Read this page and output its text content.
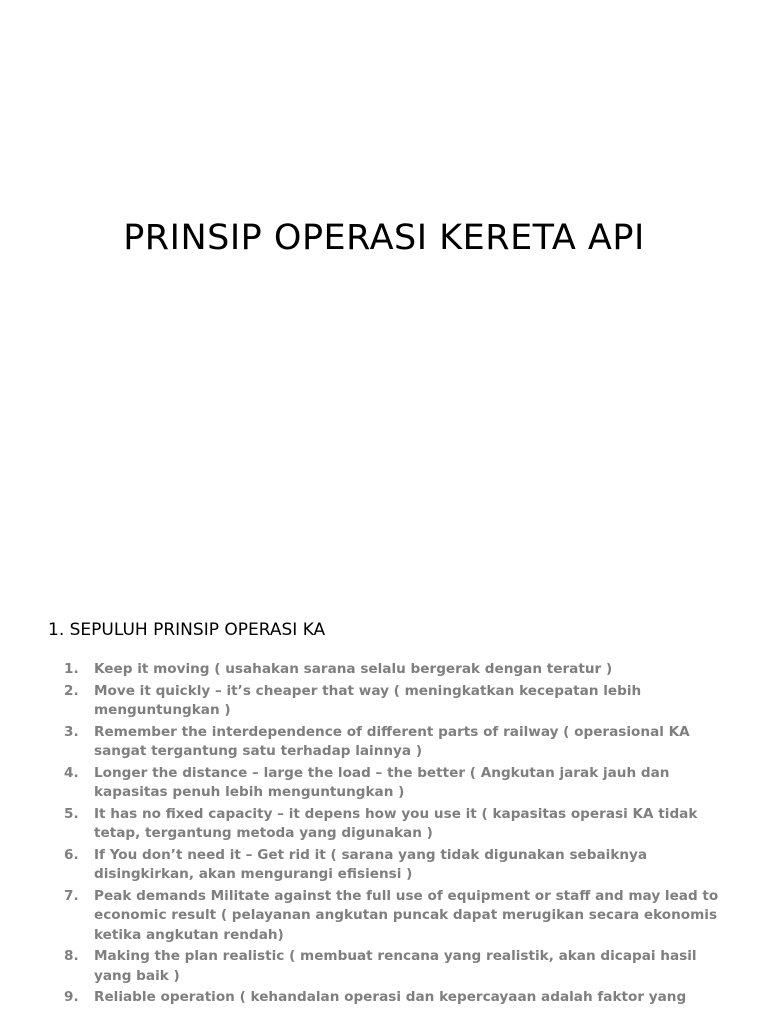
PRINSIP OPERASI KERETA API
1. SEPULUH PRINSIP OPERASI KA
1. Keep it moving ( usahakan sarana selalu bergerak dengan teratur )
2. Move it quickly – it’s cheaper that way ( meningkatkan kecepatan lebih menguntungkan )
3. Remember the interdependence of different parts of railway ( operasional KA sangat tergantung satu terhadap lainnya )
4. Longer the distance – large the load – the better ( Angkutan jarak jauh dan kapasitas penuh lebih menguntungkan )
5. It has no fixed capacity – it depens how you use it ( kapasitas operasi KA tidak tetap, tergantung metoda yang digunakan )
6. If You don’t need it – Get rid it ( sarana yang tidak digunakan sebaiknya disingkirkan, akan mengurangi efisiensi )
7. Peak demands Militate against the full use of equipment or staff and may lead to economic result ( pelayanan angkutan puncak dapat merugikan secara ekonomis ketika angkutan rendah)
8. Making the plan realistic ( membuat rencana yang realistik, akan dicapai hasil yang baik )
9. Reliable operation ( kehandalan operasi dan kepercayaan adalah faktor yang
